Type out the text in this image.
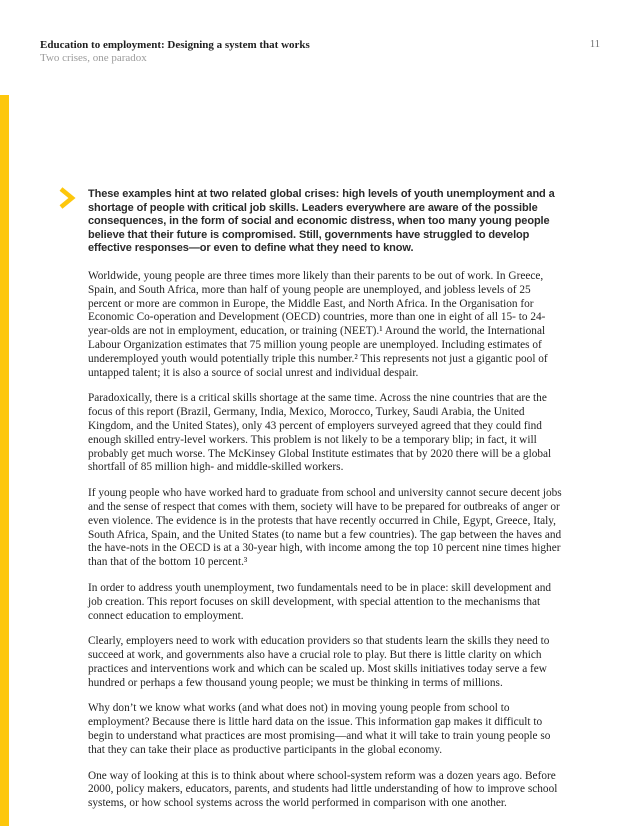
Education to employment: Designing a system that works
Two crises, one paradox
11

These examples hint at two related global crises: high levels of youth unemployment and a shortage of people with critical job skills. Leaders everywhere are aware of the possible consequences, in the form of social and economic distress, when too many young people believe that their future is compromised. Still, governments have struggled to develop effective responses—or even to define what they need to know.

Worldwide, young people are three times more likely than their parents to be out of work. In Greece, Spain, and South Africa, more than half of young people are unemployed, and jobless levels of 25 percent or more are common in Europe, the Middle East, and North Africa. In the Organisation for Economic Co-operation and Development (OECD) countries, more than one in eight of all 15- to 24-year-olds are not in employment, education, or training (NEET).¹ Around the world, the International Labour Organization estimates that 75 million young people are unemployed. Including estimates of underemployed youth would potentially triple this number.² This represents not just a gigantic pool of untapped talent; it is also a source of social unrest and individual despair.

Paradoxically, there is a critical skills shortage at the same time. Across the nine countries that are the focus of this report (Brazil, Germany, India, Mexico, Morocco, Turkey, Saudi Arabia, the United Kingdom, and the United States), only 43 percent of employers surveyed agreed that they could find enough skilled entry-level workers. This problem is not likely to be a temporary blip; in fact, it will probably get much worse. The McKinsey Global Institute estimates that by 2020 there will be a global shortfall of 85 million high- and middle-skilled workers.

If young people who have worked hard to graduate from school and university cannot secure decent jobs and the sense of respect that comes with them, society will have to be prepared for outbreaks of anger or even violence. The evidence is in the protests that have recently occurred in Chile, Egypt, Greece, Italy, South Africa, Spain, and the United States (to name but a few countries). The gap between the haves and the have-nots in the OECD is at a 30-year high, with income among the top 10 percent nine times higher than that of the bottom 10 percent.³

In order to address youth unemployment, two fundamentals need to be in place: skill development and job creation. This report focuses on skill development, with special attention to the mechanisms that connect education to employment.

Clearly, employers need to work with education providers so that students learn the skills they need to succeed at work, and governments also have a crucial role to play. But there is little clarity on which practices and interventions work and which can be scaled up. Most skills initiatives today serve a few hundred or perhaps a few thousand young people; we must be thinking in terms of millions.

Why don’t we know what works (and what does not) in moving young people from school to employment? Because there is little hard data on the issue. This information gap makes it difficult to begin to understand what practices are most promising—and what it will take to train young people so that they can take their place as productive participants in the global economy.

One way of looking at this is to think about where school-system reform was a dozen years ago. Before 2000, policy makers, educators, parents, and students had little understanding of how to improve school systems, or how school systems across the world performed in comparison with one another.
